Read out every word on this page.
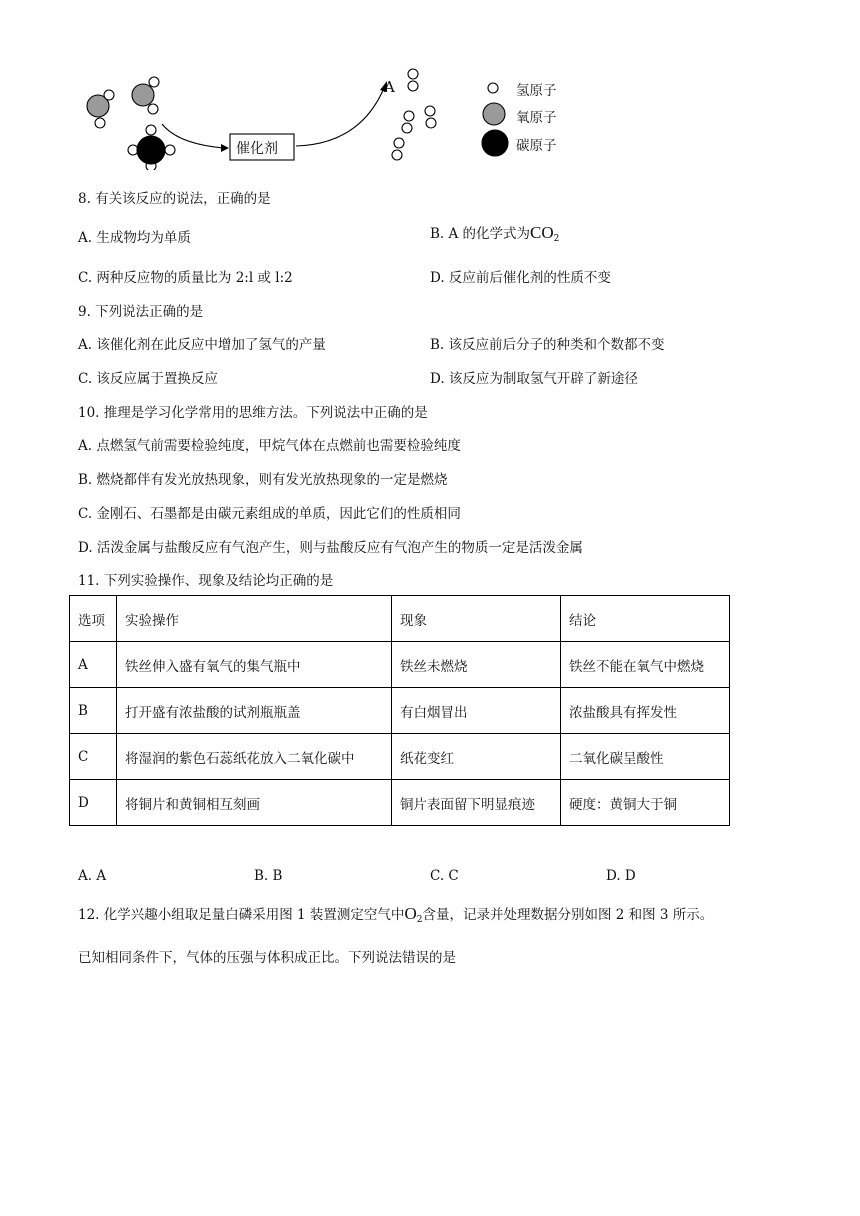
催化剂
A	氢原子
氧原子
碳原子
8. 有关该反应的说法，正确的是
A. 生成物均为单质	B. A 的化学式为$CO_2$
C. 两种反应物的质量比为 2:l 或 l:2	D. 反应前后催化剂的性质不变
9. 下列说法正确的是
A. 该催化剂在此反应中增加了氢气的产量	B. 该反应前后分子的种类和个数都不变
C. 该反应属于置换反应	D. 该反应为制取氢气开辟了新途径
10. 推理是学习化学常用的思维方法。下列说法中正确的是
A. 点燃氢气前需要检验纯度，甲烷气体在点燃前也需要检验纯度
B. 燃烧都伴有发光放热现象，则有发光放热现象的一定是燃烧
C. 金刚石、石墨都是由碳元素组成的单质，因此它们的性质相同
D. 活泼金属与盐酸反应有气泡产生，则与盐酸反应有气泡产生的物质一定是活泼金属
11. 下列实验操作、现象及结论均正确的是
选项	实验操作	现象	结论
A	铁丝伸入盛有氧气的集气瓶中	铁丝未燃烧	铁丝不能在氧气中燃烧
B	打开盛有浓盐酸的试剂瓶瓶盖	有白烟冒出	浓盐酸具有挥发性
C	将湿润的紫色石蕊纸花放入二氧化碳中	纸花变红	二氧化碳呈酸性
D	将铜片和黄铜相互刻画	铜片表面留下明显痕迹	硬度：黄铜大于铜
A. A	B. B	C. C	D. D
12. 化学兴趣小组取足量白磷采用图 1 装置测定空气中$O_2$含量，记录并处理数据分别如图 2 和图 3 所示。
已知相同条件下，气体的压强与体积成正比。下列说法错误的是
